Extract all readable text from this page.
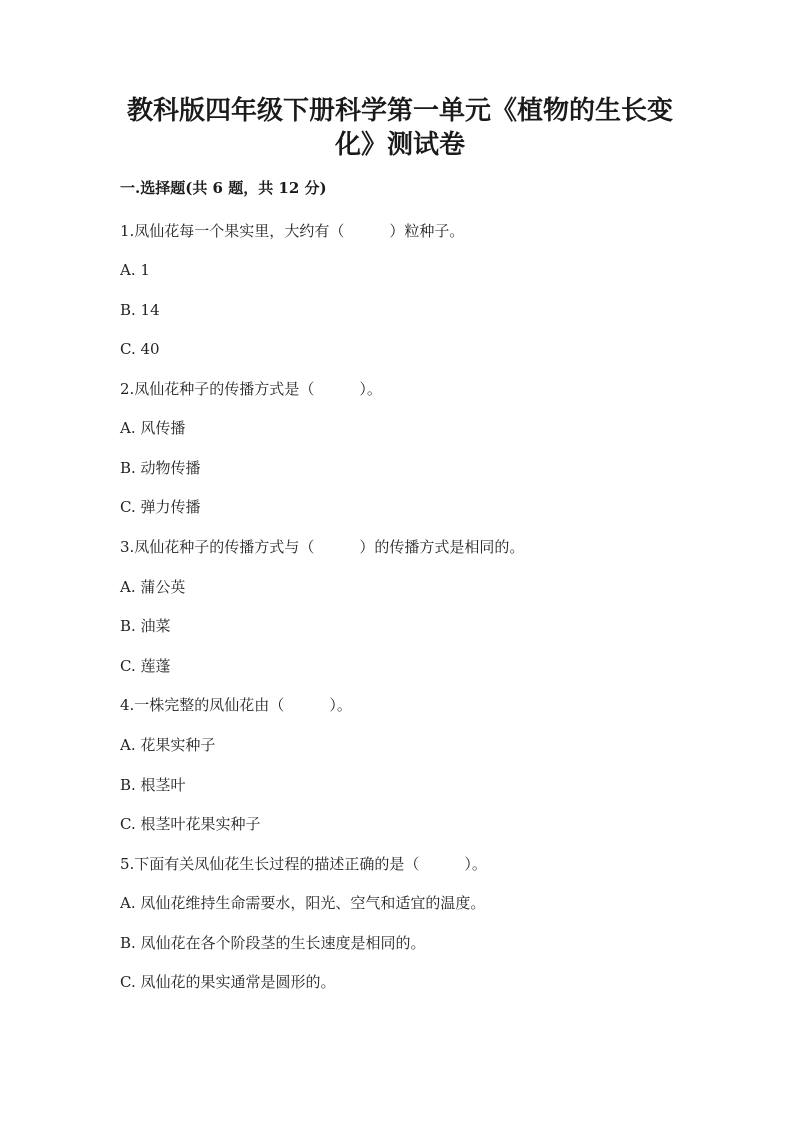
教科版四年级下册科学第一单元《植物的生长变
化》测试卷
一.选择题(共 6 题，共 12 分)
1.凤仙花每一个果实里，大约有（　　　）粒种子。
A. 1
B. 14
C. 40
2.凤仙花种子的传播方式是（　　　）。
A. 风传播
B. 动物传播
C. 弹力传播
3.凤仙花种子的传播方式与（　　　）的传播方式是相同的。
A. 蒲公英
B. 油菜
C. 莲蓬
4.一株完整的凤仙花由（　　　）。
A. 花果实种子
B. 根茎叶
C. 根茎叶花果实种子
5.下面有关凤仙花生长过程的描述正确的是（　　　）。
A. 凤仙花维持生命需要水，阳光、空气和适宜的温度。
B. 凤仙花在各个阶段茎的生长速度是相同的。
C. 凤仙花的果实通常是圆形的。
